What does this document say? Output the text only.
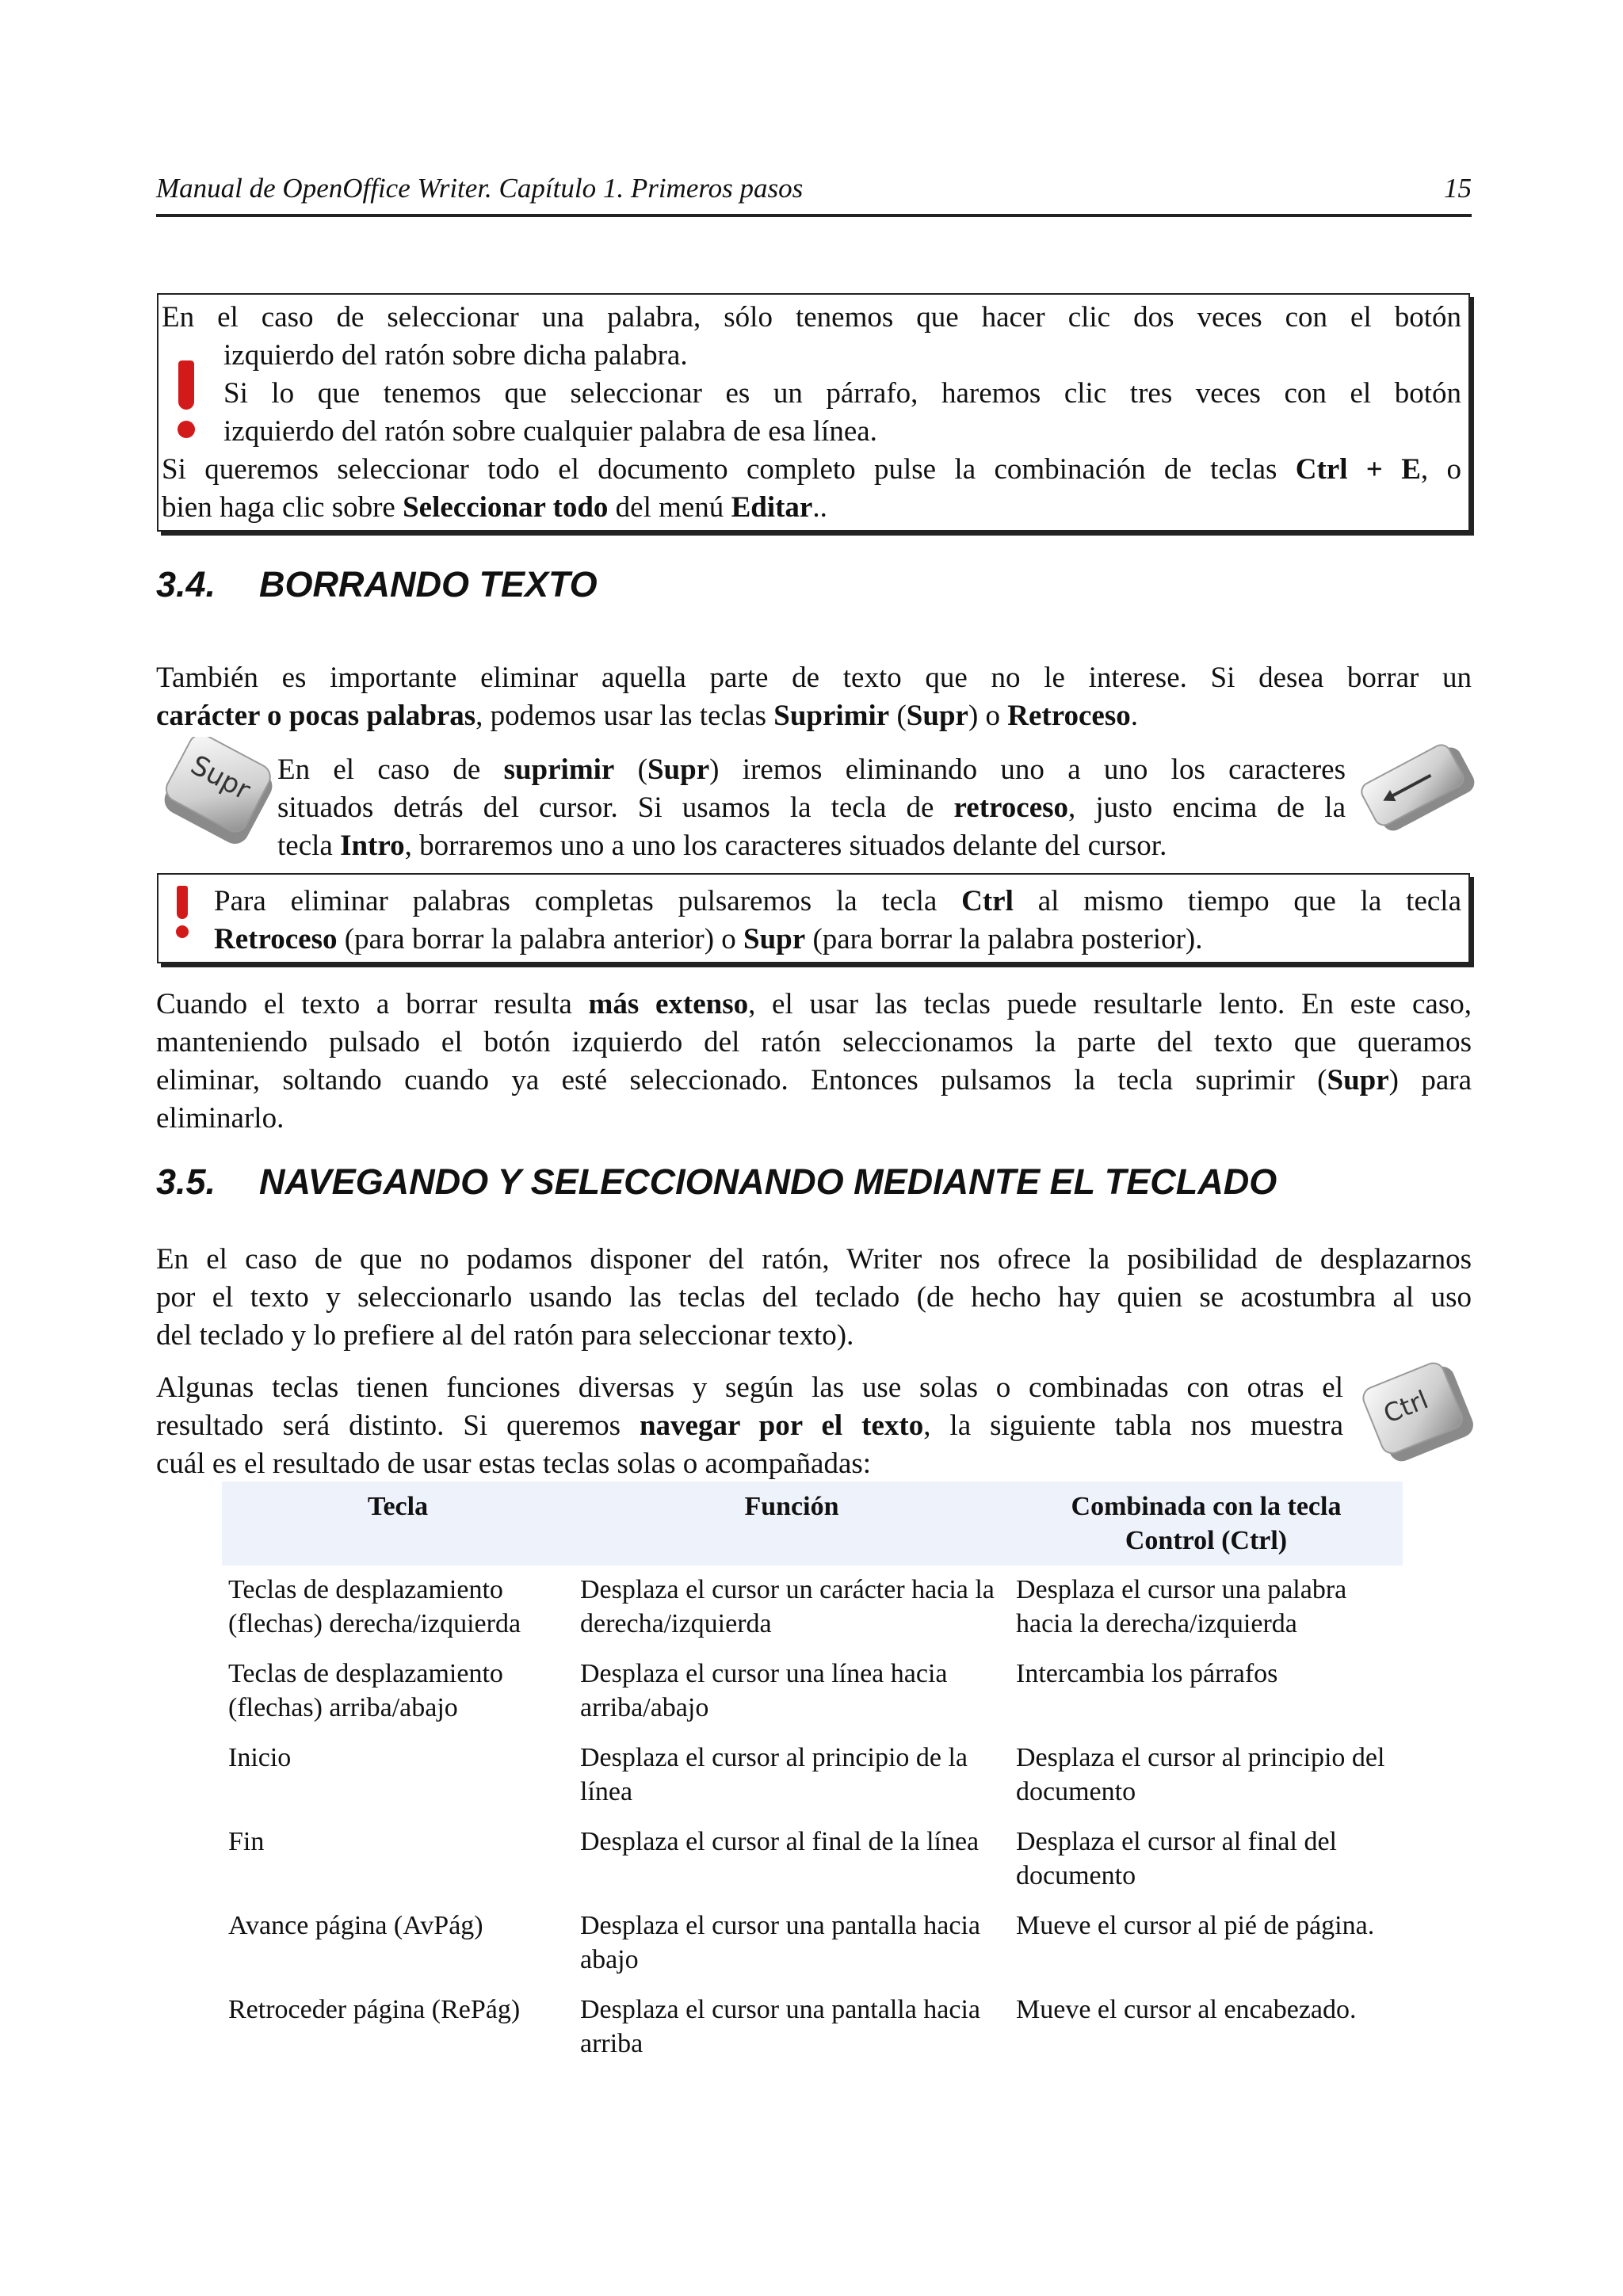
Manual de OpenOffice Writer. Capítulo 1. Primeros pasos	15
En el caso de seleccionar una palabra, sólo tenemos que hacer clic dos veces con el botón
izquierdo del ratón sobre dicha palabra.
Si lo que tenemos que seleccionar es un párrafo, haremos clic tres veces con el botón
izquierdo del ratón sobre cualquier palabra de esa línea.
Si queremos seleccionar todo el documento completo pulse la combinación de teclas Ctrl + E, o
bien haga clic sobre Seleccionar todo del menú Editar..
3.4. BORRANDO TEXTO
También es importante eliminar aquella parte de texto que no le interese. Si desea borrar un
carácter o pocas palabras, podemos usar las teclas Suprimir (Supr) o Retroceso.
Supr En el caso de suprimir (Supr) iremos eliminando uno a uno los caracteres
situados detrás del cursor. Si usamos la tecla de retroceso, justo encima de la
tecla Intro, borraremos uno a uno los caracteres situados delante del cursor.
Para eliminar palabras completas pulsaremos la tecla Ctrl al mismo tiempo que la tecla
Retroceso (para borrar la palabra anterior) o Supr (para borrar la palabra posterior).
Cuando el texto a borrar resulta más extenso, el usar las teclas puede resultarle lento. En este caso,
manteniendo pulsado el botón izquierdo del ratón seleccionamos la parte del texto que queramos
eliminar, soltando cuando ya esté seleccionado. Entonces pulsamos la tecla suprimir (Supr) para
eliminarlo.
3.5. NAVEGANDO Y SELECCIONANDO MEDIANTE EL TECLADO
En el caso de que no podamos disponer del ratón, Writer nos ofrece la posibilidad de desplazarnos
por el texto y seleccionarlo usando las teclas del teclado (de hecho hay quien se acostumbra al uso
del teclado y lo prefiere al del ratón para seleccionar texto).
Algunas teclas tienen funciones diversas y según las use solas o combinadas con otras el
resultado será distinto. Si queremos navegar por el texto, la siguiente tabla nos muestra
cuál es el resultado de usar estas teclas solas o acompañadas:
Ctrl
Tecla	Función	Combinada con la tecla Control (Ctrl)
Teclas de desplazamiento (flechas) derecha/izquierda	Desplaza el cursor un carácter hacia la derecha/izquierda	Desplaza el cursor una palabra hacia la derecha/izquierda
Teclas de desplazamiento (flechas) arriba/abajo	Desplaza el cursor una línea hacia arriba/abajo	Intercambia los párrafos
Inicio	Desplaza el cursor al principio de la línea	Desplaza el cursor al principio del documento
Fin	Desplaza el cursor al final de la línea	Desplaza el cursor al final del documento
Avance página (AvPág)	Desplaza el cursor una pantalla hacia abajo	Mueve el cursor al pié de página.
Retroceder página (RePág)	Desplaza el cursor una pantalla hacia arriba	Mueve el cursor al encabezado.
